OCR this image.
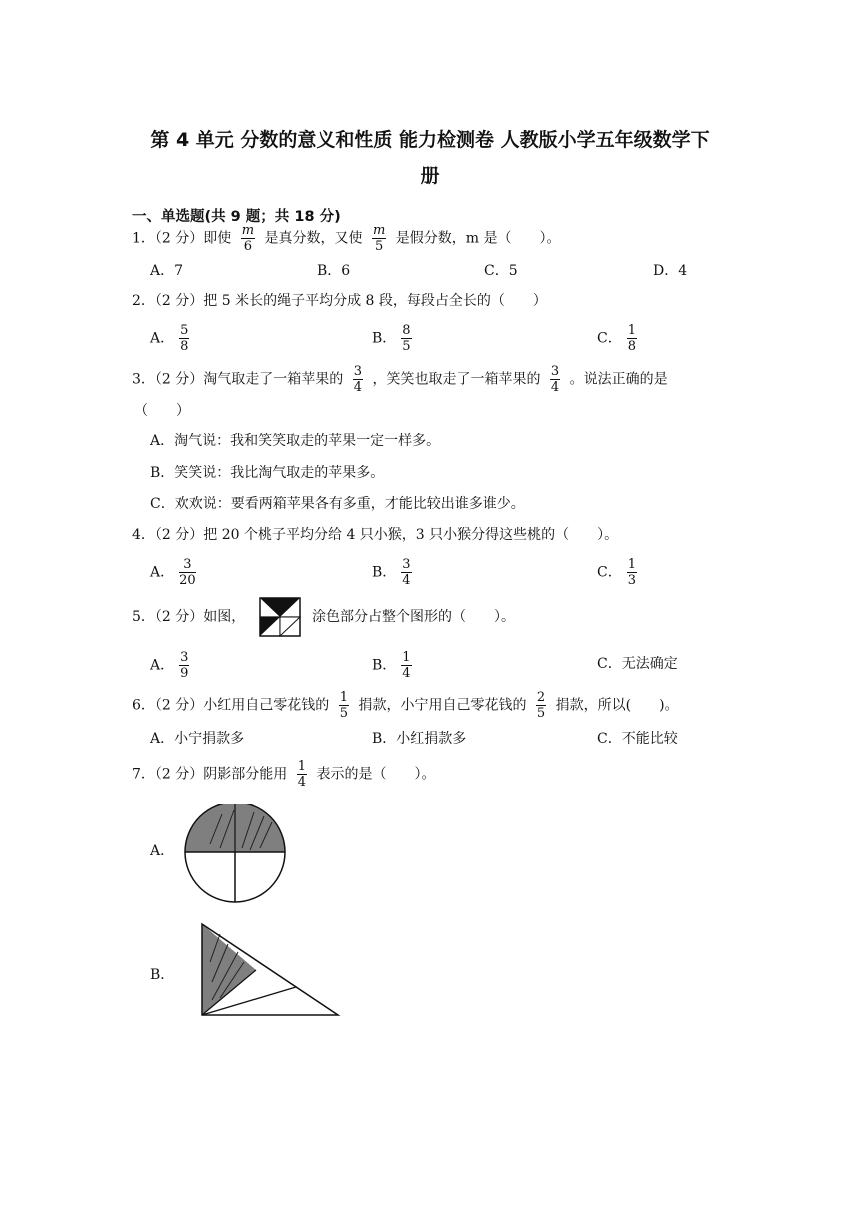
第 4 单元 分数的意义和性质 能力检测卷 人教版小学五年级数学下
册
一、单选题(共 9 题；共 18 分)
1．（2 分）即使 $\frac{m}{6}$ 是真分数，又使 $\frac{m}{5}$ 是假分数，m 是（　　）。
A．7	B．6	C．5	D．4
2．（2 分）把 5 米长的绳子平均分成 8 段，每段占全长的（　　）
A． $\frac{5}{8}$	B． $\frac{8}{5}$	C． $\frac{1}{8}$
3．（2 分）淘气取走了一箱苹果的 $\frac{3}{4}$ ，笑笑也取走了一箱苹果的 $\frac{3}{4}$ 。说法正确的是
（　　）
A．淘气说：我和笑笑取走的苹果一定一样多。
B．笑笑说：我比淘气取走的苹果多。
C．欢欢说：要看两箱苹果各有多重，才能比较出谁多谁少。
4．（2 分）把 20 个桃子平均分给 4 只小猴，3 只小猴分得这些桃的（　　）。
A． $\frac{3}{20}$	B． $\frac{3}{4}$	C． $\frac{1}{3}$
5．（2 分）如图，	涂色部分占整个图形的（　　）。
A． $\frac{3}{9}$	B． $\frac{1}{4}$	C．无法确定
6．（2 分）小红用自己零花钱的 $\frac{1}{5}$ 捐款，小宁用自己零花钱的 $\frac{2}{5}$ 捐款，所以(　　)。
A．小宁捐款多	B．小红捐款多	C．不能比较
7．（2 分）阴影部分能用 $\frac{1}{4}$ 表示的是（　　）。
A．
B．
